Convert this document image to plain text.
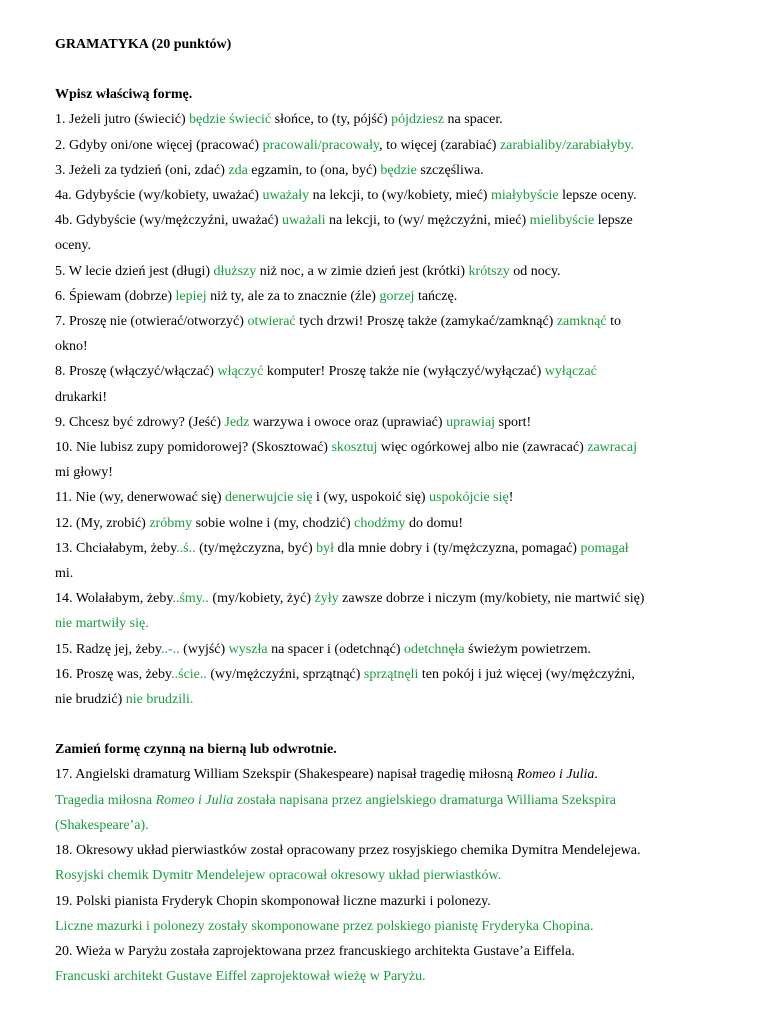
GRAMATYKA (20 punktów)
Wpisz właściwą formę.
1. Jeżeli jutro (świecić) będzie świecić słońce, to (ty, pójść) pójdziesz na spacer.
2. Gdyby oni/one więcej (pracować) pracowali/pracowały, to więcej (zarabiać) zarabialiby/zarabiałyby.
3. Jeżeli za tydzień (oni, zdać) zda egzamin, to (ona, być) będzie szczęśliwa.
4a. Gdybyście (wy/kobiety, uważać) uważały na lekcji, to (wy/kobiety, mieć) miałybyście lepsze oceny.
4b. Gdybyście (wy/mężczyźni, uważać) uważali na lekcji, to (wy/ mężczyźni, mieć) mielibyście lepsze
oceny.
5. W lecie dzień jest (długi) dłuższy niż noc, a w zimie dzień jest (krótki) krótszy od nocy.
6. Śpiewam (dobrze) lepiej niż ty, ale za to znacznie (źle) gorzej tańczę.
7. Proszę nie (otwierać/otworzyć) otwierać tych drzwi! Proszę także (zamykać/zamknąć) zamknąć to
okno!
8. Proszę (włączyć/włączać) włączyć komputer! Proszę także nie (wyłączyć/wyłączać) wyłączać
drukarki!
9. Chcesz być zdrowy? (Jeść) Jedz warzywa i owoce oraz (uprawiać) uprawiaj sport!
10. Nie lubisz zupy pomidorowej? (Skosztować) skosztuj więc ogórkowej albo nie (zawracać) zawracaj
mi głowy!
11. Nie (wy, denerwować się) denerwujcie się i (wy, uspokoić się) uspokójcie się!
12. (My, zrobić) zróbmy sobie wolne i (my, chodzić) chodźmy do domu!
13. Chciałabym, żeby..ś.. (ty/mężczyzna, być) był dla mnie dobry i (ty/mężczyzna, pomagać) pomagał
mi.
14. Wolałabym, żeby..śmy.. (my/kobiety, żyć) żyły zawsze dobrze i niczym (my/kobiety, nie martwić się)
nie martwiły się.
15. Radzę jej, żeby..-.. (wyjść) wyszła na spacer i (odetchnąć) odetchnęła świeżym powietrzem.
16. Proszę was, żeby..ście.. (wy/mężczyźni, sprzątnąć) sprzątnęli ten pokój i już więcej (wy/mężczyźni,
nie brudzić) nie brudzili.
Zamień formę czynną na bierną lub odwrotnie.
17. Angielski dramaturg William Szekspir (Shakespeare) napisał tragedię miłosną Romeo i Julia.
Tragedia miłosna Romeo i Julia została napisana przez angielskiego dramaturga Williama Szekspira
(Shakespeare’a).
18. Okresowy układ pierwiastków został opracowany przez rosyjskiego chemika Dymitra Mendelejewa.
Rosyjski chemik Dymitr Mendelejew opracował okresowy układ pierwiastków.
19. Polski pianista Fryderyk Chopin skomponował liczne mazurki i polonezy.
Liczne mazurki i polonezy zostały skomponowane przez polskiego pianistę Fryderyka Chopina.
20. Wieża w Paryżu została zaprojektowana przez francuskiego architekta Gustave’a Eiffela.
Francuski architekt Gustave Eiffel zaprojektował wieżę w Paryżu.
